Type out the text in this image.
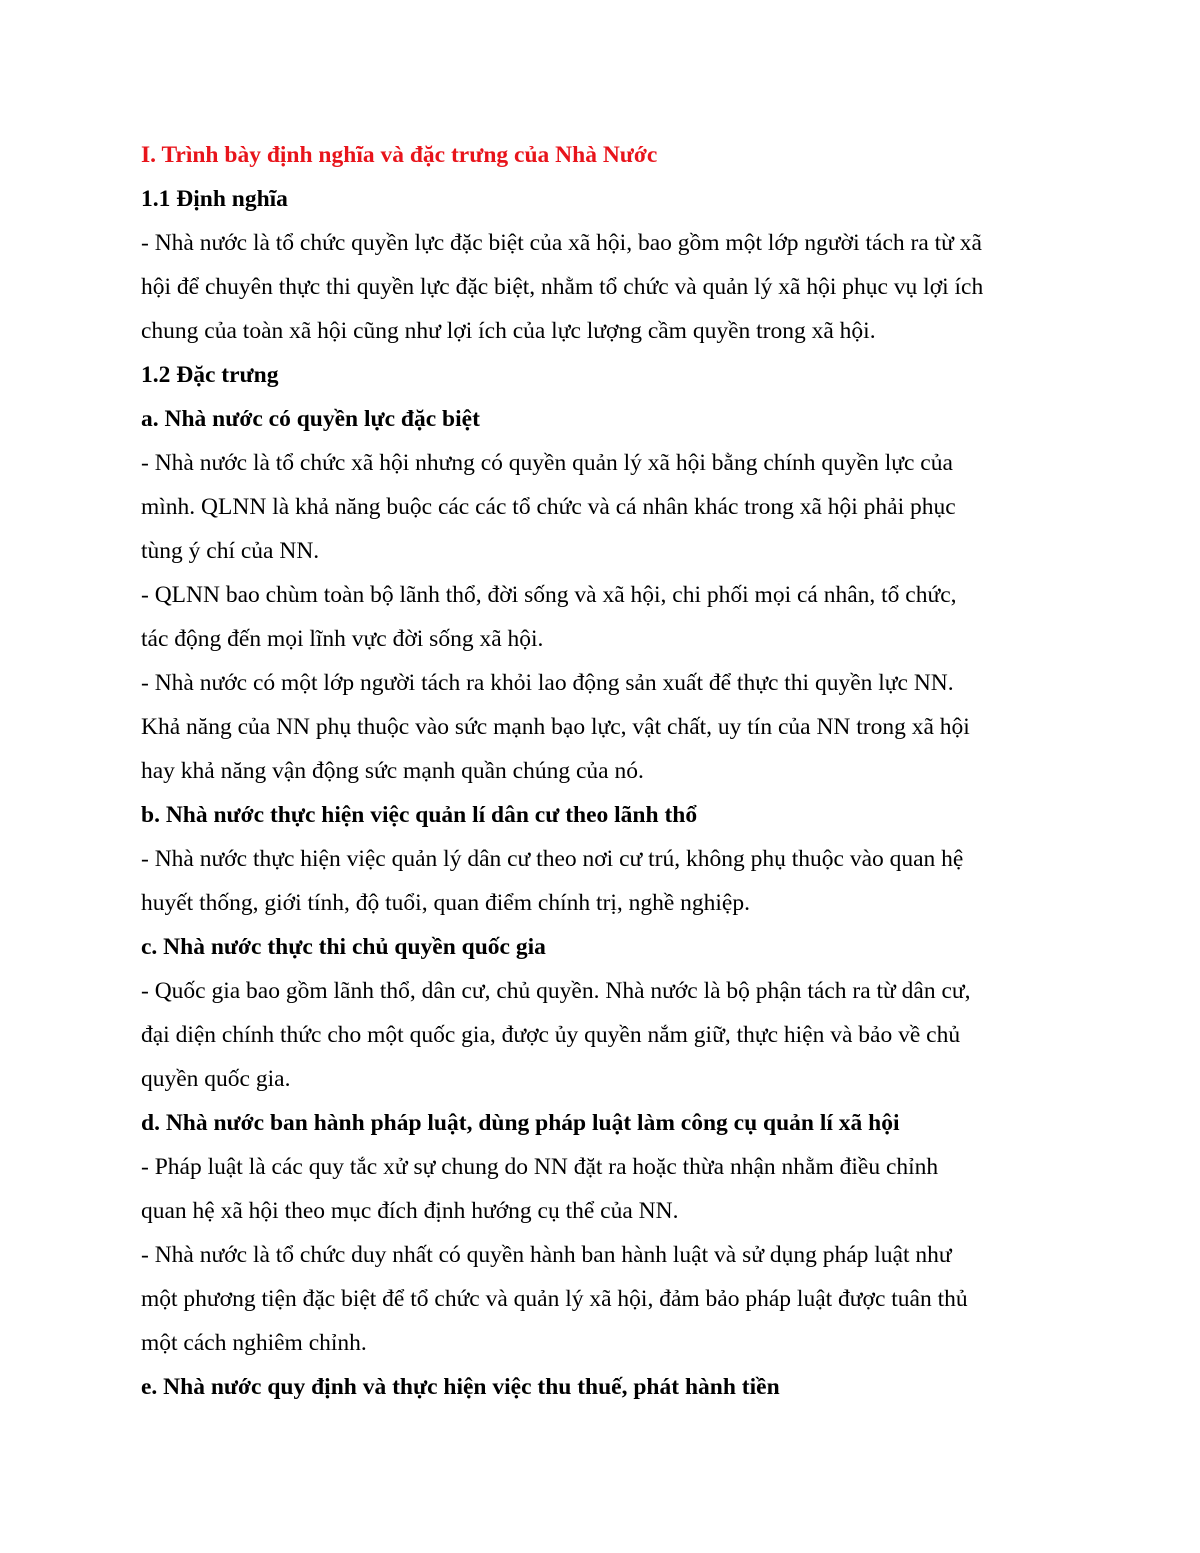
I. Trình bày định nghĩa và đặc trưng của Nhà Nước
1.1 Định nghĩa
- Nhà nước là tổ chức quyền lực đặc biệt của xã hội, bao gồm một lớp người tách ra từ xã
hội để chuyên thực thi quyền lực đặc biệt, nhằm tổ chức và quản lý xã hội phục vụ lợi ích
chung của toàn xã hội cũng như lợi ích của lực lượng cầm quyền trong xã hội.
1.2 Đặc trưng
a. Nhà nước có quyền lực đặc biệt
- Nhà nước là tổ chức xã hội nhưng có quyền quản lý xã hội bằng chính quyền lực của
mình. QLNN là khả năng buộc các các tổ chức và cá nhân khác trong xã hội phải phục
tùng ý chí của NN.
- QLNN bao chùm toàn bộ lãnh thổ, đời sống và xã hội, chi phối mọi cá nhân, tổ chức,
tác động đến mọi lĩnh vực đời sống xã hội.
- Nhà nước có một lớp người tách ra khỏi lao động sản xuất để thực thi quyền lực NN.
Khả năng của NN phụ thuộc vào sức mạnh bạo lực, vật chất, uy tín của NN trong xã hội
hay khả năng vận động sức mạnh quần chúng của nó.
b. Nhà nước thực hiện việc quản lí dân cư theo lãnh thổ
- Nhà nước thực hiện việc quản lý dân cư theo nơi cư trú, không phụ thuộc vào quan hệ
huyết thống, giới tính, độ tuổi, quan điểm chính trị, nghề nghiệp.
c. Nhà nước thực thi chủ quyền quốc gia
- Quốc gia bao gồm lãnh thổ, dân cư, chủ quyền. Nhà nước là bộ phận tách ra từ dân cư,
đại diện chính thức cho một quốc gia, được ủy quyền nắm giữ, thực hiện và bảo về chủ
quyền quốc gia.
d. Nhà nước ban hành pháp luật, dùng pháp luật làm công cụ quản lí xã hội
- Pháp luật là các quy tắc xử sự chung do NN đặt ra hoặc thừa nhận nhằm điều chỉnh
quan hệ xã hội theo mục đích định hướng cụ thể của NN.
- Nhà nước là tổ chức duy nhất có quyền hành ban hành luật và sử dụng pháp luật như
một phương tiện đặc biệt để tổ chức và quản lý xã hội, đảm bảo pháp luật được tuân thủ
một cách nghiêm chỉnh.
e. Nhà nước quy định và thực hiện việc thu thuế, phát hành tiền
